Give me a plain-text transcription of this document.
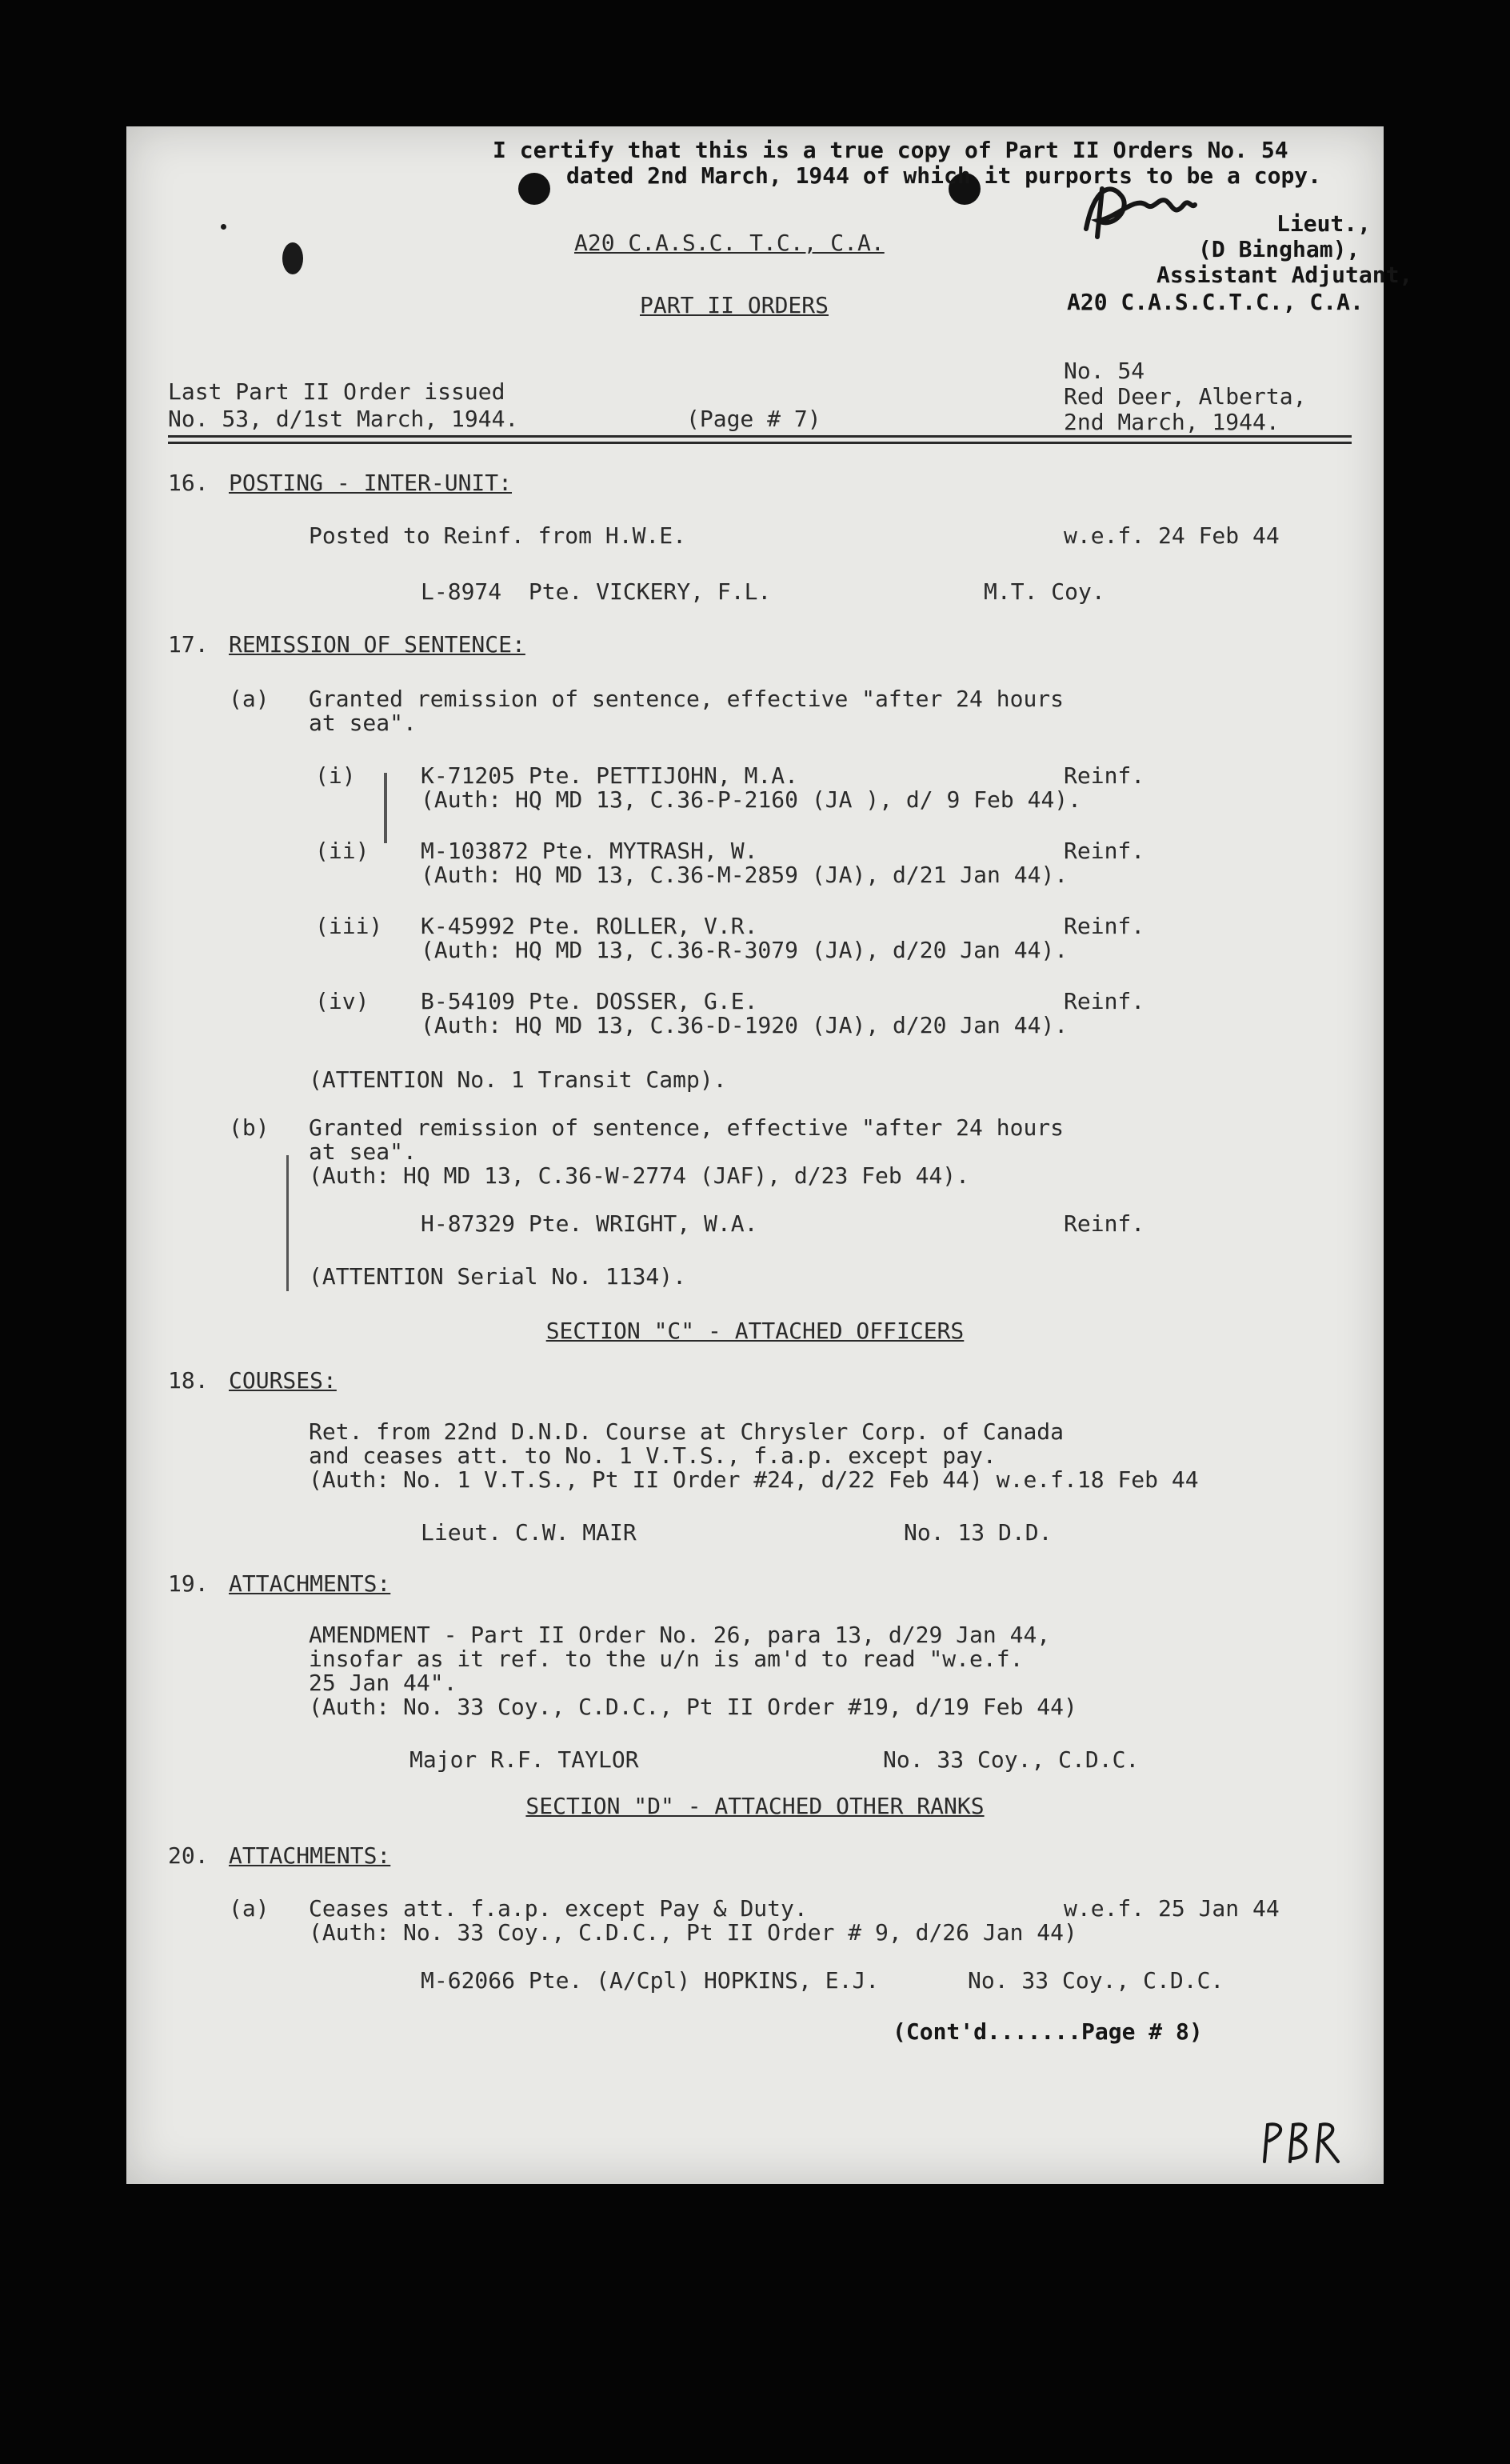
I certify that this is a true copy of Part II Orders No. 54
dated 2nd March, 1944 of which it purports to be a copy.
Lieut.,
(D Bingham),
Assistant Adjutant,
A20 C.A.S.C.T.C., C.A.
A20 C.A.S.C. T.C., C.A.
PART II ORDERS
Last Part II Order issued
No. 53, d/1st March, 1944.	(Page # 7)
No. 54
Red Deer, Alberta,
2nd March, 1944.
16. POSTING - INTER-UNIT:
Posted to Reinf. from H.W.E.	w.e.f. 24 Feb 44
L-8974  Pte. VICKERY, F.L.	M.T. Coy.
17. REMISSION OF SENTENCE:
(a) Granted remission of sentence, effective "after 24 hours
at sea".
(i)	K-71205 Pte. PETTIJOHN, M.A.	Reinf.
(Auth: HQ MD 13, C.36-P-2160 (JA ), d/ 9 Feb 44).
(ii) M-103872 Pte. MYTRASH, W.	Reinf.
(Auth: HQ MD 13, C.36-M-2859 (JA), d/21 Jan 44).
(iii) K-45992 Pte. ROLLER, V.R.	Reinf.
(Auth: HQ MD 13, C.36-R-3079 (JA), d/20 Jan 44).
(iv) B-54109 Pte. DOSSER, G.E.	Reinf.
(Auth: HQ MD 13, C.36-D-1920 (JA), d/20 Jan 44).
(ATTENTION No. 1 Transit Camp).
(b) Granted remission of sentence, effective "after 24 hours
at sea".
(Auth: HQ MD 13, C.36-W-2774 (JAF), d/23 Feb 44).
H-87329 Pte. WRIGHT, W.A.	Reinf.
(ATTENTION Serial No. 1134).
SECTION "C" - ATTACHED OFFICERS
18. COURSES:
Ret. from 22nd D.N.D. Course at Chrysler Corp. of Canada
and ceases att. to No. 1 V.T.S., f.a.p. except pay.
(Auth: No. 1 V.T.S., Pt II Order #24, d/22 Feb 44) w.e.f.18 Feb 44
Lieut. C.W. MAIR	No. 13 D.D.
19. ATTACHMENTS:
AMENDMENT - Part II Order No. 26, para 13, d/29 Jan 44,
insofar as it ref. to the u/n is am'd to read "w.e.f.
25 Jan 44".
(Auth: No. 33 Coy., C.D.C., Pt II Order #19, d/19 Feb 44)
Major R.F. TAYLOR	No. 33 Coy., C.D.C.
SECTION "D" - ATTACHED OTHER RANKS
20. ATTACHMENTS:
(a) Ceases att. f.a.p. except Pay & Duty.	w.e.f. 25 Jan 44
(Auth: No. 33 Coy., C.D.C., Pt II Order # 9, d/26 Jan 44)
M-62066 Pte. (A/Cpl) HOPKINS, E.J.	No. 33 Coy., C.D.C.
(Cont'd.......Page # 8)
